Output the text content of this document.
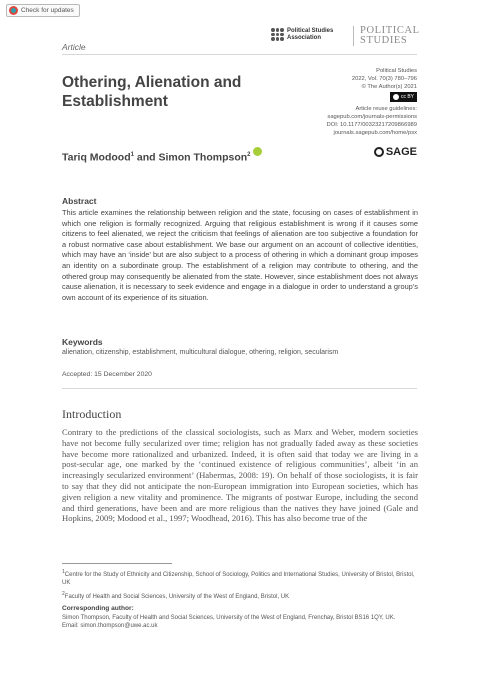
Check for updates
Article
Political Studies
Association
POLITICAL
STUDIES
Political Studies
2022, Vol. 70(3) 780–796
© The Author(s) 2021
cc BY
Article reuse guidelines:
sagepub.com/journals-permissions
DOI: 10.1177/00323217209866989
journals.sagepub.com/home/psx
SAGE
Othering, Alienation and
Establishment
Tariq Modood$^1$ and Simon Thompson$^2$
Abstract
This article examines the relationship between religion and the state, focusing on cases of establishment in which one religion is formally recognized. Arguing that religious establishment is wrong if it causes some citizens to feel alienated, we reject the criticism that feelings of alienation are too subjective a foundation for a robust normative case about establishment. We base our argument on an account of collective identities, which may have an ‘inside’ but are also subject to a process of othering in which a dominant group imposes an identity on a subordinate group. The establishment of a religion may contribute to othering, and the othered group may consequently be alienated from the state. However, since establishment does not always cause alienation, it is necessary to seek evidence and engage in a dialogue in order to understand a group’s own account of its experience of its situation.
Keywords
alienation, citizenship, establishment, multicultural dialogue, othering, religion, secularism
Accepted: 15 December 2020
Introduction
Contrary to the predictions of the classical sociologists, such as Marx and Weber, modern societies have not become fully secularized over time; religion has not gradually faded away as these societies have become more rationalized and urbanized. Indeed, it is often said that today we are living in a post-secular age, one marked by the ‘continued existence of religious communities’, albeit ‘in an increasingly secularized environment’ (Habermas, 2008: 19). On behalf of those sociologists, it is fair to say that they did not anticipate the non-European immigration into European societies, which has given religion a new vitality and prominence. The migrants of postwar Europe, including the second and third generations, have been and are more religious than the natives they have joined (Gale and Hopkins, 2009; Modood et al., 1997; Woodhead, 2016). This has also become true of the

$^1$Centre for the Study of Ethnicity and Citizenship, School of Sociology, Politics and International Studies, University of Bristol, Bristol, UK

$^2$Faculty of Health and Social Sciences, University of the West of England, Bristol, UK

Corresponding author:
Simon Thompson, Faculty of Health and Social Sciences, University of the West of England, Frenchay, Bristol BS16 1QY, UK.
Email: simon.thompson@uwe.ac.uk
